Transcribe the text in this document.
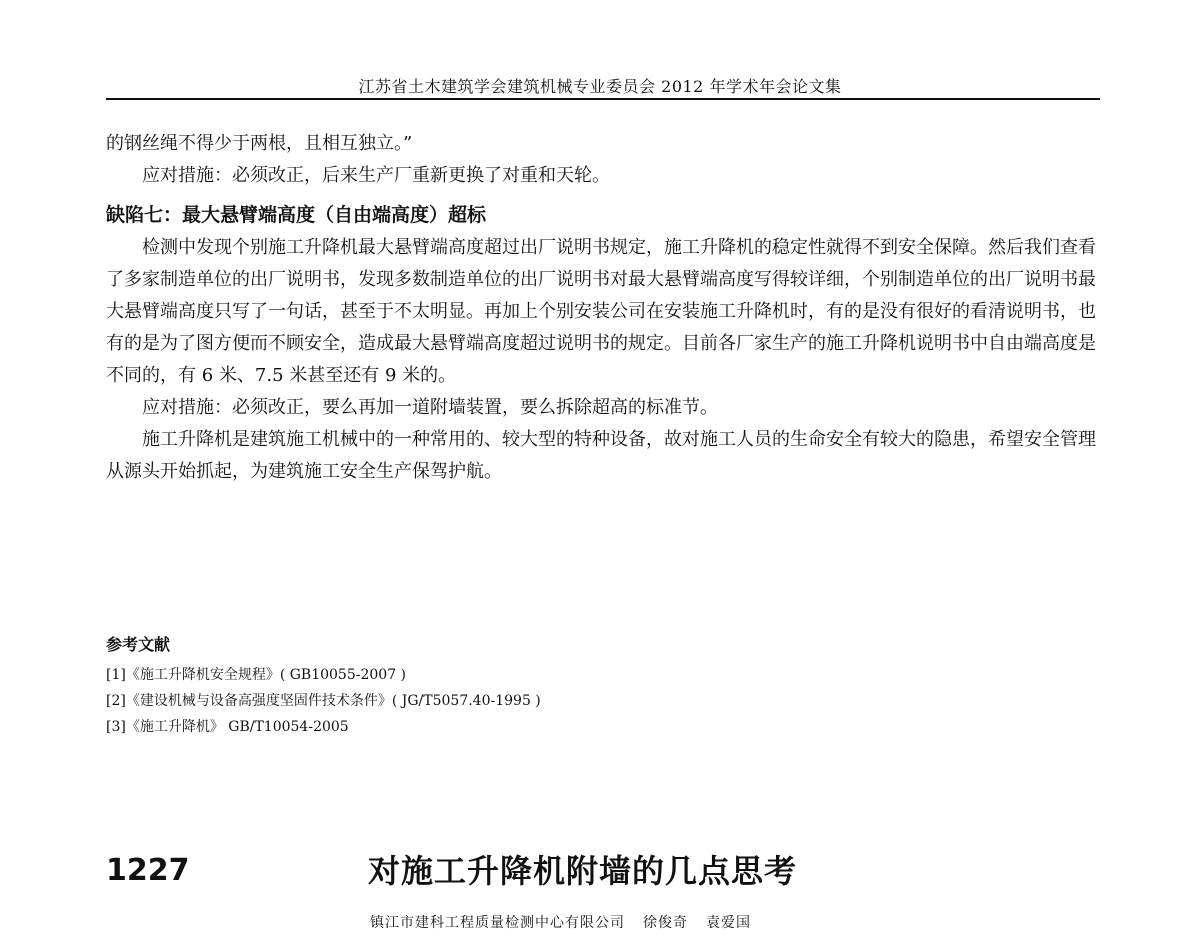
江苏省土木建筑学会建筑机械专业委员会 2012 年学术年会论文集

的钢丝绳不得少于两根，且相互独立。”

应对措施：必须改正，后来生产厂重新更换了对重和天轮。

缺陷七：最大悬臂端高度（自由端高度）超标

检测中发现个别施工升降机最大悬臂端高度超过出厂说明书规定，施工升降机的稳定性就得不到安全保障。然后我们查看了多家制造单位的出厂说明书，发现多数制造单位的出厂说明书对最大悬臂端高度写得较详细，个别制造单位的出厂说明书最大悬臂端高度只写了一句话，甚至于不太明显。再加上个别安装公司在安装施工升降机时，有的是没有很好的看清说明书，也有的是为了图方便而不顾安全，造成最大悬臂端高度超过说明书的规定。目前各厂家生产的施工升降机说明书中自由端高度是不同的，有 6 米、7.5 米甚至还有 9 米的。

应对措施：必须改正，要么再加一道附墙装置，要么拆除超高的标准节。

施工升降机是建筑施工机械中的一种常用的、较大型的特种设备，故对施工人员的生命安全有较大的隐患，希望安全管理从源头开始抓起，为建筑施工安全生产保驾护航。

参考文献

[1]《施工升降机安全规程》( GB10055-2007 )

[2]《建设机械与设备高强度坚固件技术条件》( JG/T5057.40-1995 )

[3]《施工升降机》 GB/T10054-2005

1227	对施工升降机附墙的几点思考
镇江市建科工程质量检测中心有限公司 徐俊奇 袁爱国
